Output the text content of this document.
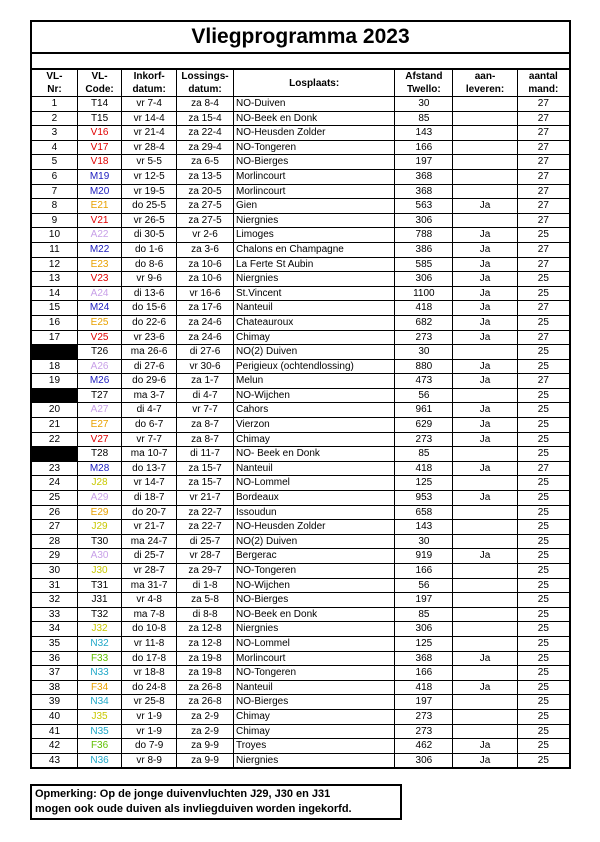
Vliegprogramma 2023
VL-	VL-	Inkorf-	Lossings-	Losplaats:	Afstand	aan-	aantal
Nr:	Code:	datum:	datum:		Twello:	leveren:	mand:
1	T14	vr 7-4	za 8-4	NO-Duiven	30		27
2	T15	vr 14-4	za 15-4	NO-Beek en Donk	85		27
3	V16	vr 21-4	za 22-4	NO-Heusden Zolder	143		27
4	V17	vr 28-4	za 29-4	NO-Tongeren	166		27
5	V18	vr 5-5	za 6-5	NO-Bierges	197		27
6	M19	vr 12-5	za 13-5	Morlincourt	368		27
7	M20	vr 19-5	za 20-5	Morlincourt	368		27
8	E21	do 25-5	za 27-5	Gien	563	Ja	27
9	V21	vr 26-5	za 27-5	Niergnies	306		27
10	A22	di 30-5	vr 2-6	Limoges	788	Ja	25
11	M22	do 1-6	za 3-6	Chalons en Champagne	386	Ja	27
12	E23	do 8-6	za 10-6	La Ferte St Aubin	585	Ja	27
13	V23	vr 9-6	za 10-6	Niergnies	306	Ja	25
14	A24	di 13-6	vr 16-6	St.Vincent	1100	Ja	25
15	M24	do 15-6	za 17-6	Nanteuil	418	Ja	27
16	E25	do 22-6	za 24-6	Chateauroux	682	Ja	25
17	V25	vr 23-6	za 24-6	Chimay	273	Ja	27
	T26	ma 26-6	di 27-6	NO(2) Duiven	30		25
18	A26	di 27-6	vr 30-6	Perigieux (ochtendlossing)	880	Ja	25
19	M26	do 29-6	za 1-7	Melun	473	Ja	27
	T27	ma 3-7	di 4-7	NO-Wijchen	56		25
20	A27	di 4-7	vr 7-7	Cahors	961	Ja	25
21	E27	do 6-7	za 8-7	Vierzon	629	Ja	25
22	V27	vr 7-7	za 8-7	Chimay	273	Ja	25
	T28	ma 10-7	di 11-7	NO- Beek en Donk	85		25
23	M28	do 13-7	za 15-7	Nanteuil	418	Ja	27
24	J28	vr 14-7	za 15-7	NO-Lommel	125		25
25	A29	di 18-7	vr 21-7	Bordeaux	953	Ja	25
26	E29	do 20-7	za 22-7	Issoudun	658		25
27	J29	vr 21-7	za 22-7	NO-Heusden Zolder	143		25
28	T30	ma 24-7	di 25-7	NO(2) Duiven	30		25
29	A30	di 25-7	vr 28-7	Bergerac	919	Ja	25
30	J30	vr 28-7	za 29-7	NO-Tongeren	166		25
31	T31	ma 31-7	di 1-8	NO-Wijchen	56		25
32	J31	vr 4-8	za 5-8	NO-Bierges	197		25
33	T32	ma 7-8	di 8-8	NO-Beek en Donk	85		25
34	J32	do 10-8	za 12-8	Niergnies	306		25
35	N32	vr 11-8	za 12-8	NO-Lommel	125		25
36	F33	do 17-8	za 19-8	Morlincourt	368	Ja	25
37	N33	vr 18-8	za 19-8	NO-Tongeren	166		25
38	F34	do 24-8	za 26-8	Nanteuil	418	Ja	25
39	N34	vr 25-8	za 26-8	NO-Bierges	197		25
40	J35	vr 1-9	za 2-9	Chimay	273		25
41	N35	vr 1-9	za 2-9	Chimay	273		25
42	F36	do 7-9	za 9-9	Troyes	462	Ja	25
43	N36	vr 8-9	za 9-9	Niergnies	306	Ja	25
Opmerking: Op de jonge duivenvluchten J29, J30 en J31
mogen ook oude duiven als invliegduiven worden ingekorfd.
